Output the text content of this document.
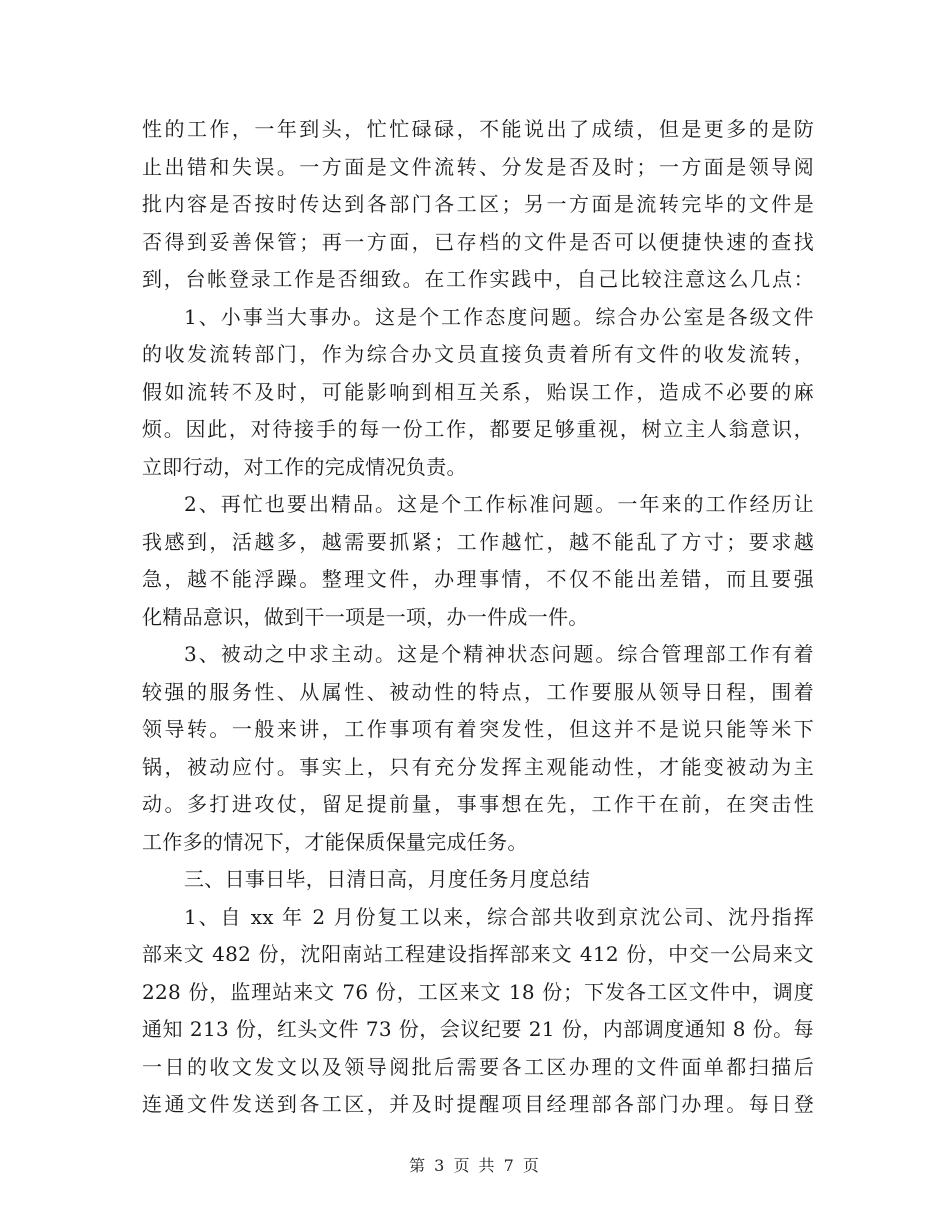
性的工作，一年到头，忙忙碌碌，不能说出了成绩，但是更多的是防
止出错和失误。一方面是文件流转、分发是否及时；一方面是领导阅
批内容是否按时传达到各部门各工区；另一方面是流转完毕的文件是
否得到妥善保管；再一方面，已存档的文件是否可以便捷快速的查找
到，台帐登录工作是否细致。在工作实践中，自己比较注意这么几点：
1、小事当大事办。这是个工作态度问题。综合办公室是各级文件
的收发流转部门，作为综合办文员直接负责着所有文件的收发流转，
假如流转不及时，可能影响到相互关系，贻误工作，造成不必要的麻
烦。因此，对待接手的每一份工作，都要足够重视，树立主人翁意识，
立即行动，对工作的完成情况负责。
2、再忙也要出精品。这是个工作标准问题。一年来的工作经历让
我感到，活越多，越需要抓紧；工作越忙，越不能乱了方寸；要求越
急，越不能浮躁。整理文件，办理事情，不仅不能出差错，而且要强
化精品意识，做到干一项是一项，办一件成一件。
3、被动之中求主动。这是个精神状态问题。综合管理部工作有着
较强的服务性、从属性、被动性的特点，工作要服从领导日程，围着
领导转。一般来讲，工作事项有着突发性，但这并不是说只能等米下
锅，被动应付。事实上，只有充分发挥主观能动性，才能变被动为主
动。多打进攻仗，留足提前量，事事想在先，工作干在前，在突击性
工作多的情况下，才能保质保量完成任务。
三、日事日毕，日清日高，月度任务月度总结
1、自 xx 年 2 月份复工以来，综合部共收到京沈公司、沈丹指挥
部来文 482 份，沈阳南站工程建设指挥部来文 412 份，中交一公局来文
228 份，监理站来文 76 份，工区来文 18 份；下发各工区文件中，调度
通知 213 份，红头文件 73 份，会议纪要 21 份，内部调度通知 8 份。每
一日的收文发文以及领导阅批后需要各工区办理的文件面单都扫描后
连通文件发送到各工区，并及时提醒项目经理部各部门办理。每日登
第 3 页 共 7 页
